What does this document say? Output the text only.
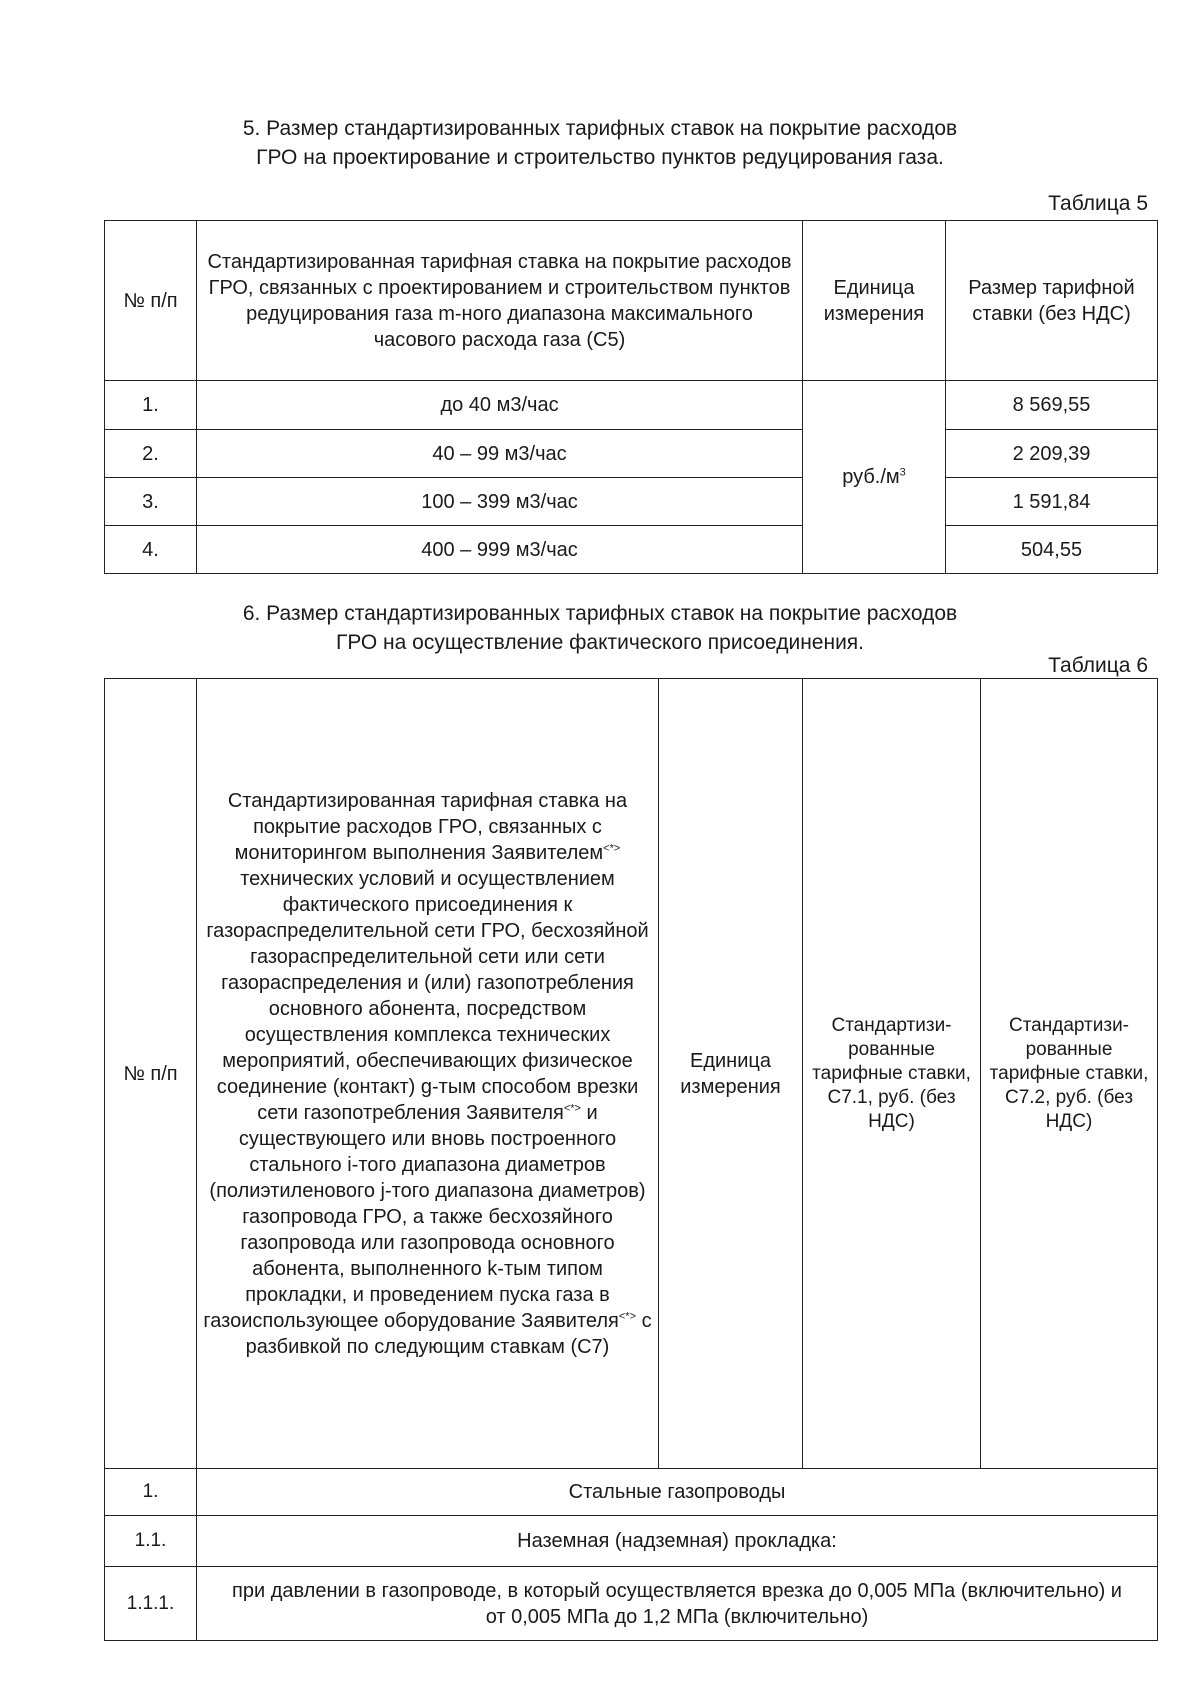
5. Размер стандартизированных тарифных ставок на покрытие расходов
ГРО на проектирование и строительство пунктов редуцирования газа.
Таблица 5
№ п/п	Стандартизированная тарифная ставка на покрытие расходов ГРО, связанных с проектированием и строительством пунктов редуцирования газа m-ного диапазона максимального часового расхода газа (С5)	Единица измерения	Размер тарифной ставки (без НДС)
1.	до 40 м3/час	$руб./м^3$	8 569,55
2.	40 – 99 м3/час		2 209,39
3.	100 – 399 м3/час		1 591,84
4.	400 – 999 м3/час		504,55
6. Размер стандартизированных тарифных ставок на покрытие расходов
ГРО на осуществление фактического присоединения.
Таблица 6
№ п/п	Стандартизированная тарифная ставка на покрытие расходов ГРО, связанных с мониторингом выполнения Заявителем<*> технических условий и осуществлением фактического присоединения к газораспределительной сети ГРО, бесхозяйной газораспределительной сети или сети газораспределения и (или) газопотребления основного абонента, посредством осуществления комплекса технических мероприятий, обеспечивающих физическое соединение (контакт) g-тым способом врезки сети газопотребления Заявителя<*> и существующего или вновь построенного стального i-того диапазона диаметров (полиэтиленового j-того диапазона диаметров) газопровода ГРО, а также бесхозяйного газопровода или газопровода основного абонента, выполненного k-тым типом прокладки, и проведением пуска газа в газоиспользующее оборудование Заявителя<*> с разбивкой по следующим ставкам (С7)	Единица измерения	Стандартизи-рованные тарифные ставки, С7.1, руб. (без НДС)	Стандартизи-рованные тарифные ставки, С7.2, руб. (без НДС)
1.	Стальные газопроводы			
1.1.	Наземная (надземная) прокладка:			
1.1.1.	при давлении в газопроводе, в который осуществляется врезка до 0,005 МПа (включительно) и от 0,005 МПа до 1,2 МПа (включительно)			
